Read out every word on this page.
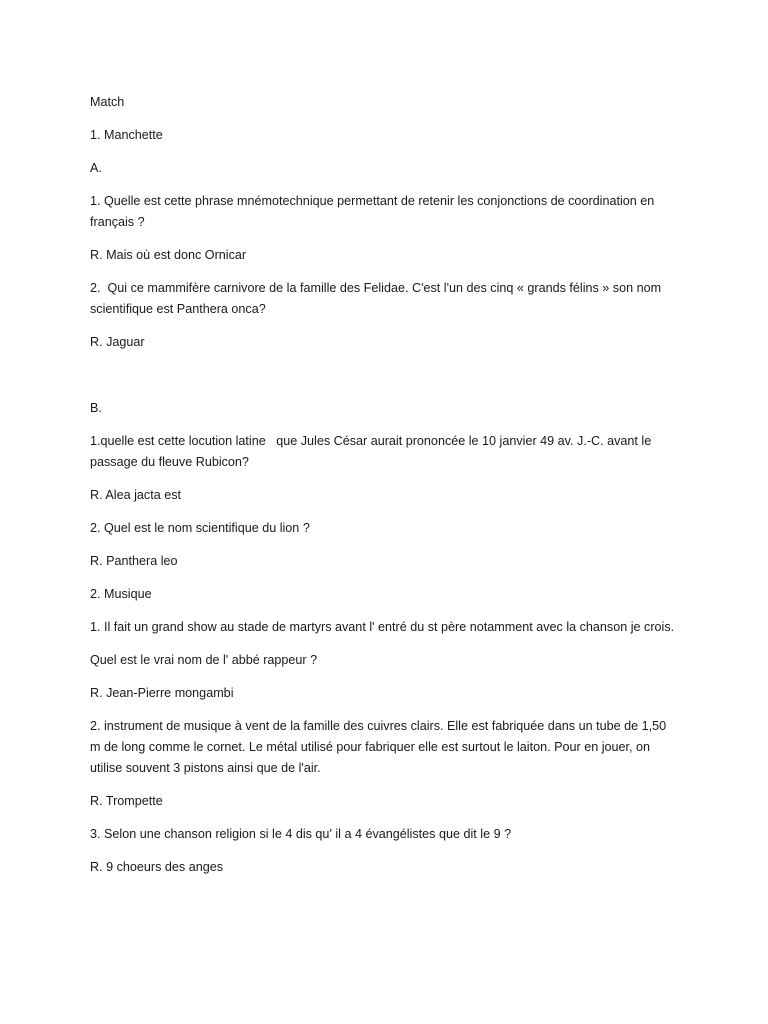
Match

1. Manchette

A.

1. Quelle est cette phrase mnémotechnique permettant de retenir les conjonctions de coordination en français ?

R. Mais où est donc Ornicar

2.  Qui ce mammifère carnivore de la famille des Felidae. C'est l'un des cinq « grands félins » son nom scientifique est Panthera onca?

R. Jaguar

B.

1.quelle est cette locution latine   que Jules César aurait prononcée le 10 janvier 49 av. J.-C. avant le passage du fleuve Rubicon?

R. Alea jacta est

2. Quel est le nom scientifique du lion ?

R. Panthera leo

2. Musique

1. Il fait un grand show au stade de martyrs avant l' entré du st père notamment avec la chanson je crois.

Quel est le vrai nom de l' abbé rappeur ?

R. Jean-Pierre mongambi

2. instrument de musique à vent de la famille des cuivres clairs. Elle est fabriquée dans un tube de 1,50 m de long comme le cornet. Le métal utilisé pour fabriquer elle est surtout le laiton. Pour en jouer, on utilise souvent 3 pistons ainsi que de l'air.

R. Trompette

3. Selon une chanson religion si le 4 dis qu' il a 4 évangélistes que dit le 9 ?

R. 9 choeurs des anges
